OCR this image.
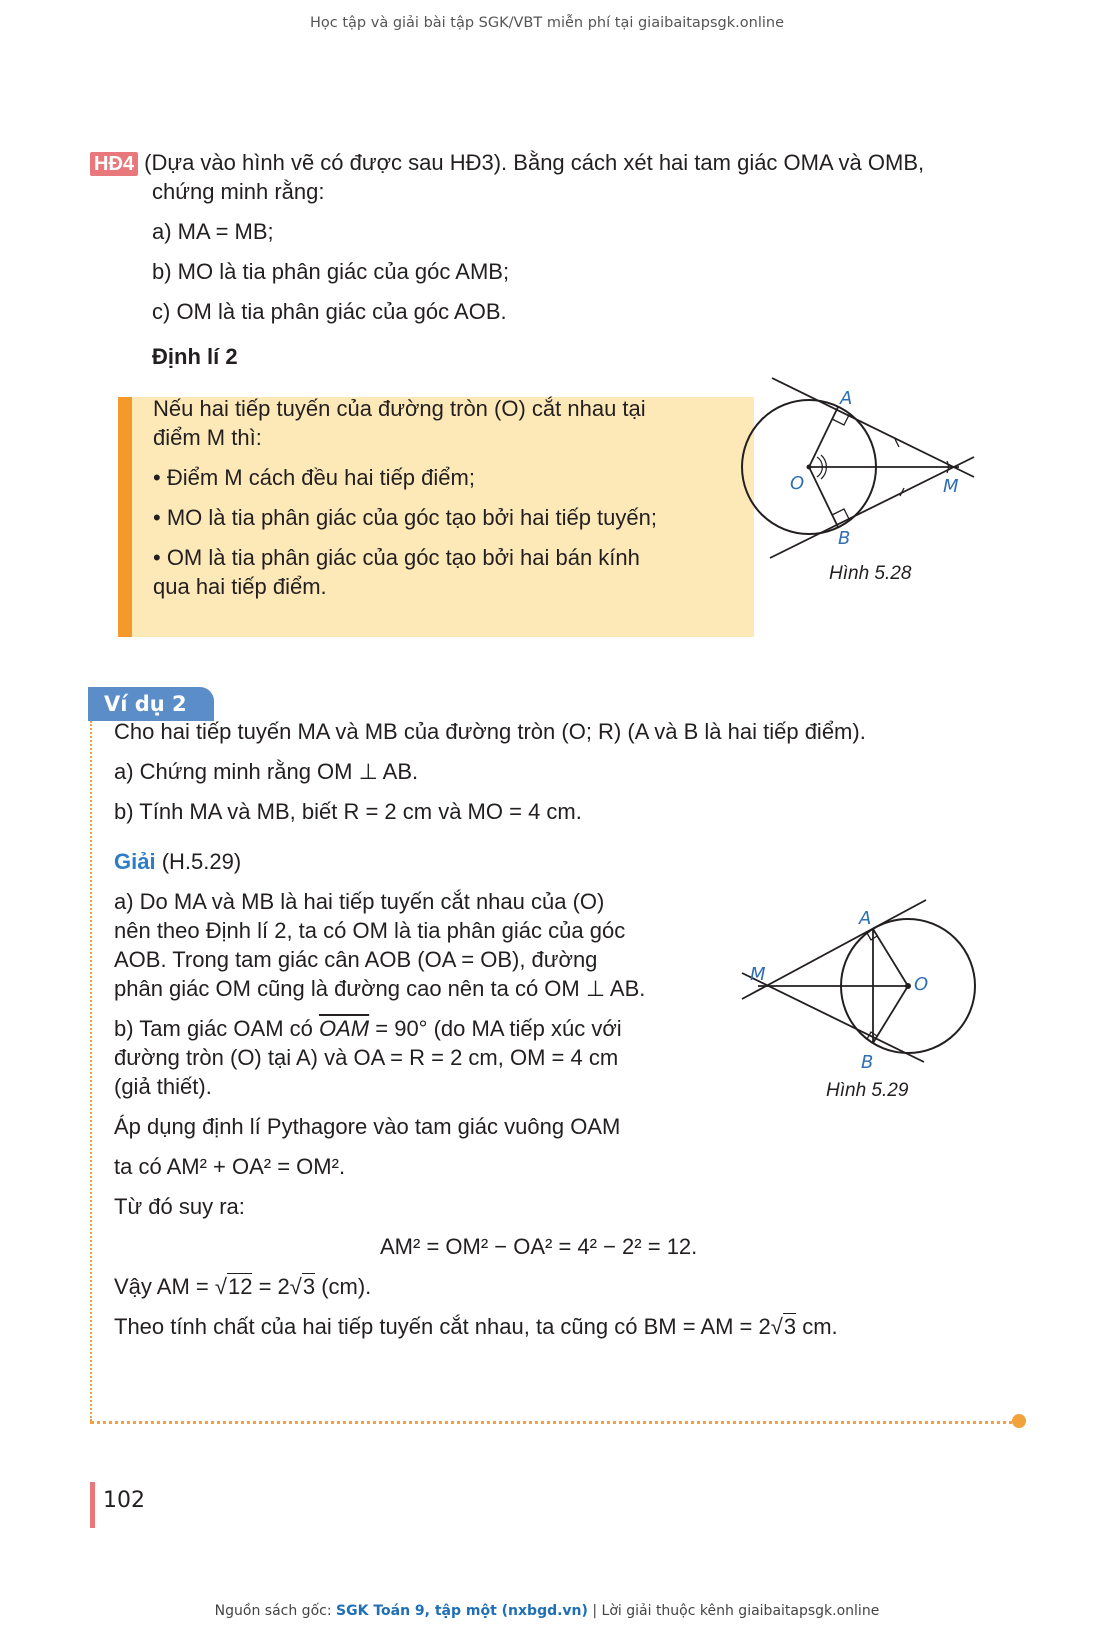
Học tập và giải bài tập SGK/VBT miễn phí tại giaibaitapsgk.online
HĐ4 (Dựa vào hình vẽ có được sau HĐ3). Bằng cách xét hai tam giác OMA và OMB,
chứng minh rằng:
a) MA = MB;
b) MO là tia phân giác của góc AMB;
c) OM là tia phân giác của góc AOB.
Định lí 2
Nếu hai tiếp tuyến của đường tròn (O) cắt nhau tại
điểm M thì:
• Điểm M cách đều hai tiếp điểm;
• MO là tia phân giác của góc tạo bởi hai tiếp tuyến;
• OM là tia phân giác của góc tạo bởi hai bán kính
qua hai tiếp điểm.
A
B
O	M
Hình 5.28
Ví dụ 2
Cho hai tiếp tuyến MA và MB của đường tròn (O; R) (A và B là hai tiếp điểm).
a) Chứng minh rằng OM ⊥ AB.
b) Tính MA và MB, biết R = 2 cm và MO = 4 cm.
Giải (H.5.29)
a) Do MA và MB là hai tiếp tuyến cắt nhau của (O)
nên theo Định lí 2, ta có OM là tia phân giác của góc
AOB. Trong tam giác cân AOB (OA = OB), đường
phân giác OM cũng là đường cao nên ta có OM ⊥ AB.
b) Tam giác OAM có $\overline{OAM} = 90^\circ$ (do MA tiếp xúc với
đường tròn (O) tại A) và OA = R = 2 cm, OM = 4 cm
(giả thiết).
Áp dụng định lí Pythagore vào tam giác vuông OAM
ta có AM² + OA² = OM².
Từ đó suy ra:
AM² = OM² − OA² = 4² − 2² = 12.
Vậy AM = √12 = 2√3 (cm).
Theo tính chất của hai tiếp tuyến cắt nhau, ta cũng có BM = AM = 2√3 cm.
A
B
O
M
Hình 5.29
102
Nguồn sách gốc: SGK Toán 9, tập một (nxbgd.vn) | Lời giải thuộc kênh giaibaitapsgk.online
